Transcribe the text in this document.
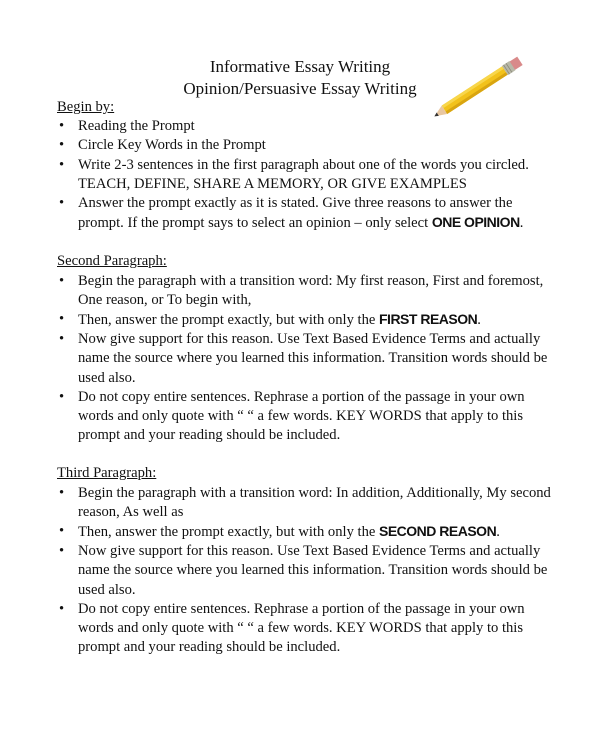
Informative Essay Writing
Opinion/Persuasive Essay Writing
Begin by:
• Reading the Prompt
• Circle Key Words in the Prompt
• Write 2-3 sentences in the first paragraph about one of the words you circled. TEACH, DEFINE, SHARE A MEMORY, OR GIVE EXAMPLES
• Answer the prompt exactly as it is stated. Give three reasons to answer the prompt. If the prompt says to select an opinion – only select ONE OPINION.
Second Paragraph:
• Begin the paragraph with a transition word: My first reason, First and foremost, One reason, or To begin with,
• Then, answer the prompt exactly, but with only the FIRST REASON.
• Now give support for this reason. Use Text Based Evidence Terms and actually name the source where you learned this information. Transition words should be used also.
• Do not copy entire sentences. Rephrase a portion of the passage in your own words and only quote with “ “ a few words. KEY WORDS that apply to this prompt and your reading should be included.
Third Paragraph:
• Begin the paragraph with a transition word: In addition, Additionally, My second reason, As well as
• Then, answer the prompt exactly, but with only the SECOND REASON.
• Now give support for this reason. Use Text Based Evidence Terms and actually name the source where you learned this information. Transition words should be used also.
• Do not copy entire sentences. Rephrase a portion of the passage in your own words and only quote with “ “ a few words. KEY WORDS that apply to this prompt and your reading should be included.
